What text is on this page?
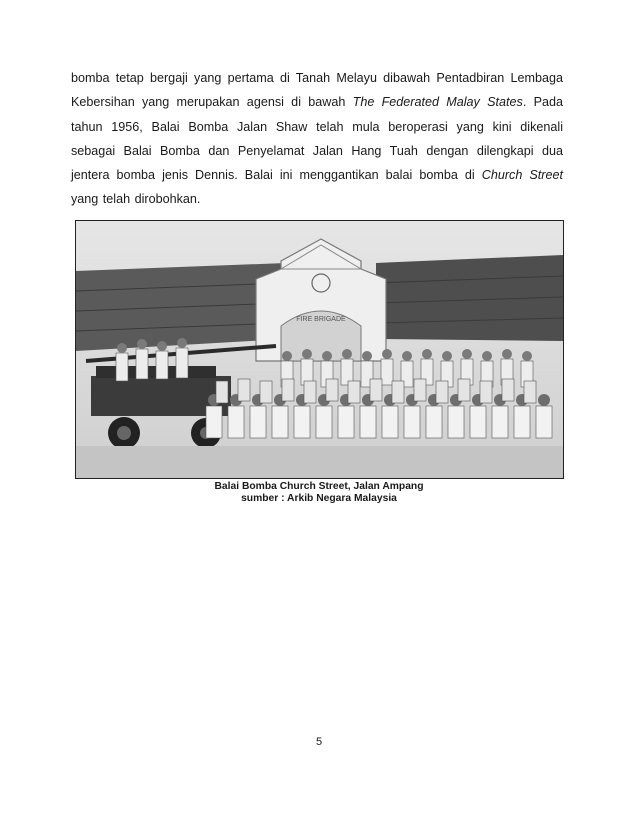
bomba tetap bergaji yang pertama di Tanah Melayu dibawah Pentadbiran Lembaga Kebersihan yang merupakan agensi di bawah The Federated Malay States. Pada tahun 1956, Balai Bomba Jalan Shaw telah mula beroperasi yang kini dikenali sebagai Balai Bomba dan Penyelamat Jalan Hang Tuah dengan dilengkapi dua jentera bomba jenis Dennis. Balai ini menggantikan balai bomba di Church Street yang telah dirobohkan.

FIRE BRIGADE
Balai Bomba Church Street, Jalan Ampang
sumber : Arkib Negara Malaysia
5
